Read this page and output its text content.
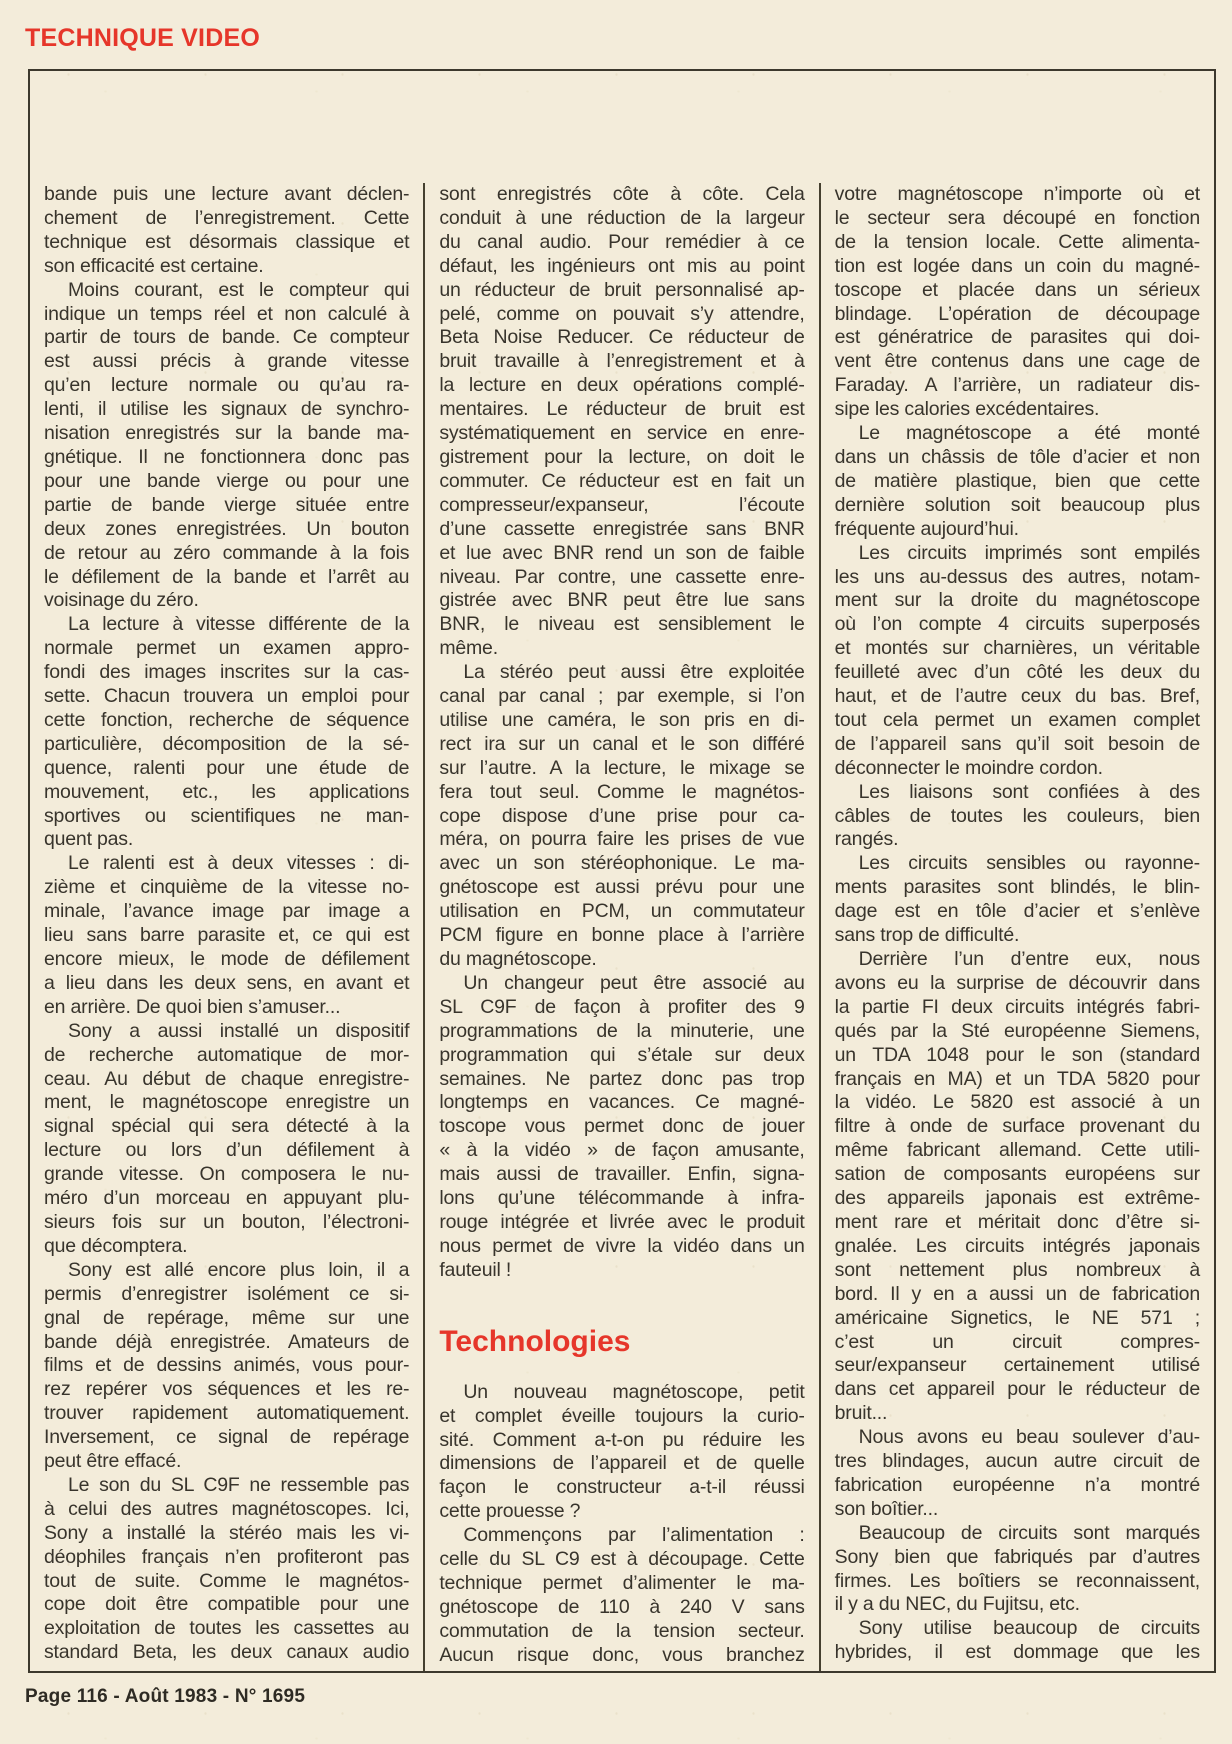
TECHNIQUE VIDEO

bande puis une lecture avant déclen-
chement de l’enregistrement. Cette
technique est désormais classique et
son efficacité est certaine.

Moins courant, est le compteur qui
indique un temps réel et non calculé à
partir de tours de bande. Ce compteur
est aussi précis à grande vitesse
qu’en lecture normale ou qu’au ra-
lenti, il utilise les signaux de synchro-
nisation enregistrés sur la bande ma-
gnétique. Il ne fonctionnera donc pas
pour une bande vierge ou pour une
partie de bande vierge située entre
deux zones enregistrées. Un bouton
de retour au zéro commande à la fois
le défilement de la bande et l’arrêt au
voisinage du zéro.

La lecture à vitesse différente de la
normale permet un examen appro-
fondi des images inscrites sur la cas-
sette. Chacun trouvera un emploi pour
cette fonction, recherche de séquence
particulière, décomposition de la sé-
quence, ralenti pour une étude de
mouvement, etc., les applications
sportives ou scientifiques ne man-
quent pas.

Le ralenti est à deux vitesses : di-
zième et cinquième de la vitesse no-
minale, l’avance image par image a
lieu sans barre parasite et, ce qui est
encore mieux, le mode de défilement
a lieu dans les deux sens, en avant et
en arrière. De quoi bien s’amuser...

Sony a aussi installé un dispositif
de recherche automatique de mor-
ceau. Au début de chaque enregistre-
ment, le magnétoscope enregistre un
signal spécial qui sera détecté à la
lecture ou lors d’un défilement à
grande vitesse. On composera le nu-
méro d’un morceau en appuyant plu-
sieurs fois sur un bouton, l’électroni-
que décomptera.

Sony est allé encore plus loin, il a
permis d’enregistrer isolément ce si-
gnal de repérage, même sur une
bande déjà enregistrée. Amateurs de
films et de dessins animés, vous pour-
rez repérer vos séquences et les re-
trouver rapidement automatiquement.
Inversement, ce signal de repérage
peut être effacé.

Le son du SL C9F ne ressemble pas
à celui des autres magnétoscopes. Ici,
Sony a installé la stéréo mais les vi-
déophiles français n’en profiteront pas
tout de suite. Comme le magnétos-
cope doit être compatible pour une
exploitation de toutes les cassettes au
standard Beta, les deux canaux audio

sont enregistrés côte à côte. Cela
conduit à une réduction de la largeur
du canal audio. Pour remédier à ce
défaut, les ingénieurs ont mis au point
un réducteur de bruit personnalisé ap-
pelé, comme on pouvait s’y attendre,
Beta Noise Reducer. Ce réducteur de
bruit travaille à l’enregistrement et à
la lecture en deux opérations complé-
mentaires. Le réducteur de bruit est
systématiquement en service en enre-
gistrement pour la lecture, on doit le
commuter. Ce réducteur est en fait un
compresseur/expanseur, l’écoute
d’une cassette enregistrée sans BNR
et lue avec BNR rend un son de faible
niveau. Par contre, une cassette enre-
gistrée avec BNR peut être lue sans
BNR, le niveau est sensiblement le
même.

La stéréo peut aussi être exploitée
canal par canal ; par exemple, si l’on
utilise une caméra, le son pris en di-
rect ira sur un canal et le son différé
sur l’autre. A la lecture, le mixage se
fera tout seul. Comme le magnétos-
cope dispose d’une prise pour ca-
méra, on pourra faire les prises de vue
avec un son stéréophonique. Le ma-
gnétoscope est aussi prévu pour une
utilisation en PCM, un commutateur
PCM figure en bonne place à l’arrière
du magnétoscope.

Un changeur peut être associé au
SL C9F de façon à profiter des 9
programmations de la minuterie, une
programmation qui s’étale sur deux
semaines. Ne partez donc pas trop
longtemps en vacances. Ce magné-
toscope vous permet donc de jouer
« à la vidéo » de façon amusante,
mais aussi de travailler. Enfin, signa-
lons qu’une télécommande à infra-
rouge intégrée et livrée avec le produit
nous permet de vivre la vidéo dans un
fauteuil !

Technologies

Un nouveau magnétoscope, petit
et complet éveille toujours la curio-
sité. Comment a-t-on pu réduire les
dimensions de l’appareil et de quelle
façon le constructeur a-t-il réussi
cette prouesse ?

Commençons par l’alimentation :
celle du SL C9 est à découpage. Cette
technique permet d’alimenter le ma-
gnétoscope de 110 à 240 V sans
commutation de la tension secteur.
Aucun risque donc, vous branchez

votre magnétoscope n’importe où et
le secteur sera découpé en fonction
de la tension locale. Cette alimenta-
tion est logée dans un coin du magné-
toscope et placée dans un sérieux
blindage. L’opération de découpage
est génératrice de parasites qui doi-
vent être contenus dans une cage de
Faraday. A l’arrière, un radiateur dis-
sipe les calories excédentaires.

Le magnétoscope a été monté
dans un châssis de tôle d’acier et non
de matière plastique, bien que cette
dernière solution soit beaucoup plus
fréquente aujourd’hui.

Les circuits imprimés sont empilés
les uns au-dessus des autres, notam-
ment sur la droite du magnétoscope
où l’on compte 4 circuits superposés
et montés sur charnières, un véritable
feuilleté avec d’un côté les deux du
haut, et de l’autre ceux du bas. Bref,
tout cela permet un examen complet
de l’appareil sans qu’il soit besoin de
déconnecter le moindre cordon.

Les liaisons sont confiées à des
câbles de toutes les couleurs, bien
rangés.

Les circuits sensibles ou rayonne-
ments parasites sont blindés, le blin-
dage est en tôle d’acier et s’enlève
sans trop de difficulté.

Derrière l’un d’entre eux, nous
avons eu la surprise de découvrir dans
la partie FI deux circuits intégrés fabri-
qués par la Sté européenne Siemens,
un TDA 1048 pour le son (standard
français en MA) et un TDA 5820 pour
la vidéo. Le 5820 est associé à un
filtre à onde de surface provenant du
même fabricant allemand. Cette utili-
sation de composants européens sur
des appareils japonais est extrême-
ment rare et méritait donc d’être si-
gnalée. Les circuits intégrés japonais
sont nettement plus nombreux à
bord. Il y en a aussi un de fabrication
américaine Signetics, le NE 571 ;
c’est un circuit compres-
seur/expanseur certainement utilisé
dans cet appareil pour le réducteur de
bruit...

Nous avons eu beau soulever d’au-
tres blindages, aucun autre circuit de
fabrication européenne n’a montré
son boîtier...

Beaucoup de circuits sont marqués
Sony bien que fabriqués par d’autres
firmes. Les boîtiers se reconnaissent,
il y a du NEC, du Fujitsu, etc.

Sony utilise beaucoup de circuits
hybrides, il est dommage que les

Page 116 - Août 1983 - N° 1695
